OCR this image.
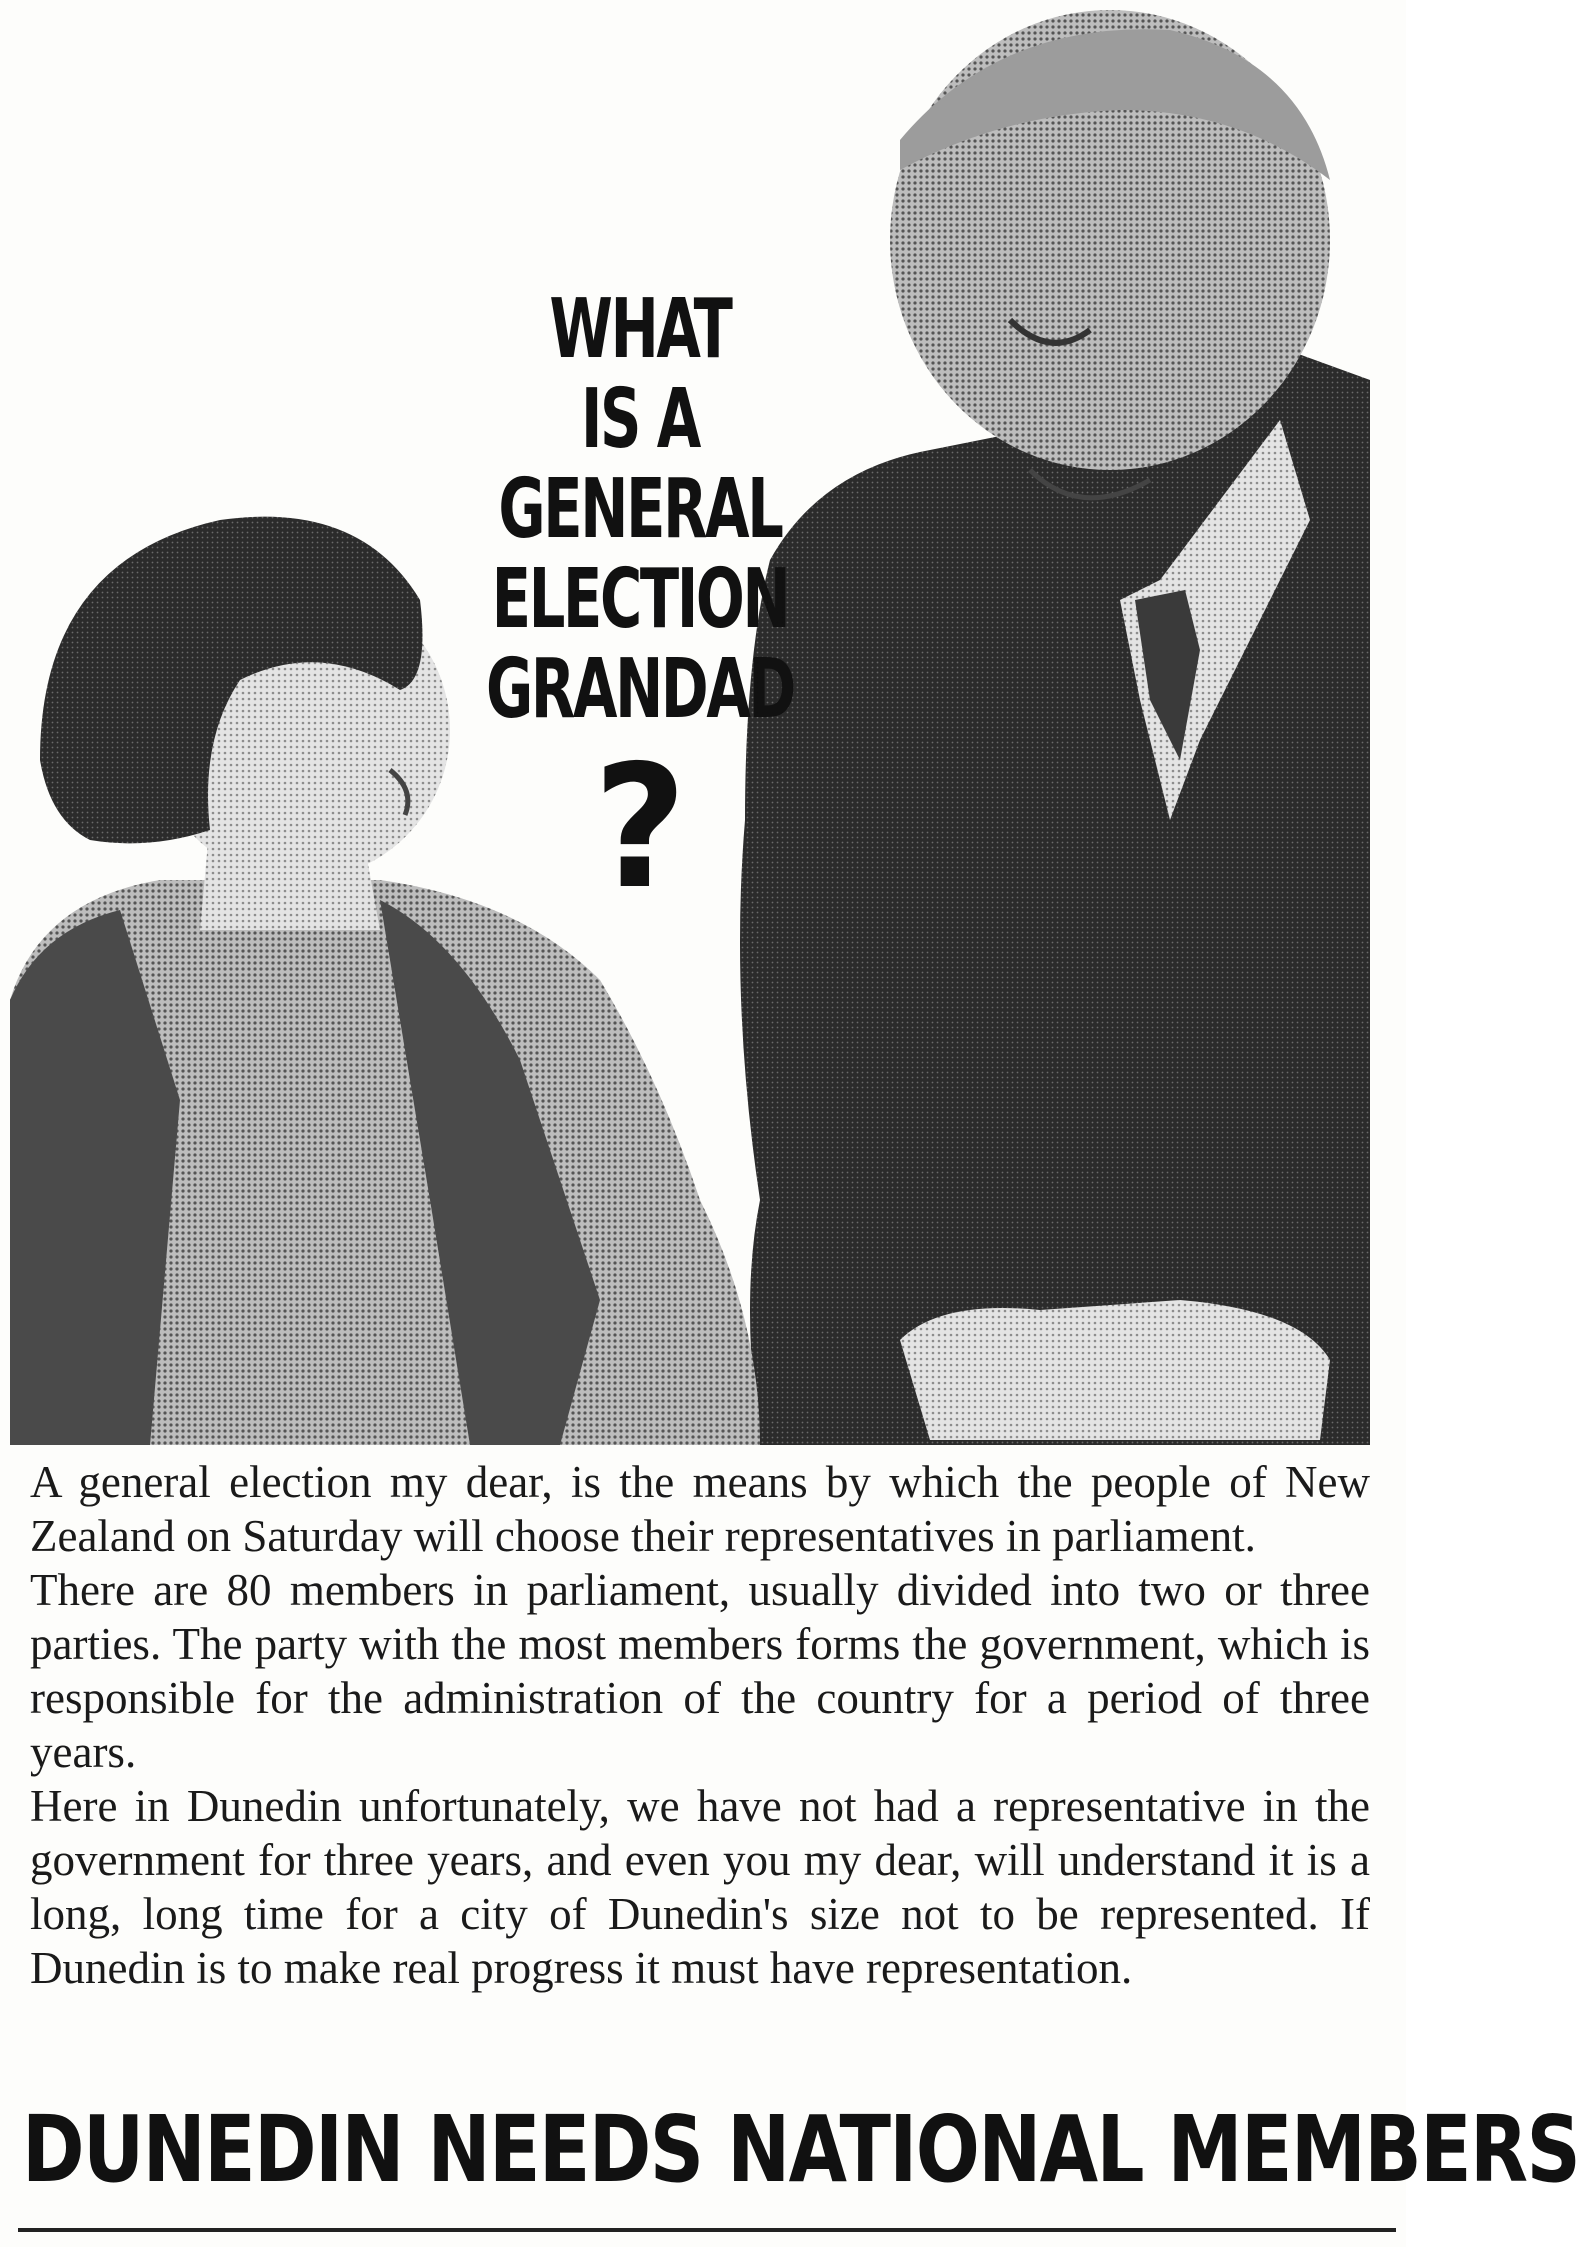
WHAT
IS A
GENERAL
ELECTION
GRANDAD
?

A general election my dear, is the means by which the people of New Zealand on Saturday will choose their representatives in parliament.

There are 80 members in parliament, usually divided into two or three parties. The party with the most members forms the government, which is responsible for the administration of the country for a period of three years.

Here in Dunedin unfortunately, we have not had a representative in the government for three years, and even you my dear, will understand it is a long, long time for a city of Dunedin's size not to be represented. If Dunedin is to make real progress it must have representation.

DUNEDIN NEEDS NATIONAL MEMBERS
